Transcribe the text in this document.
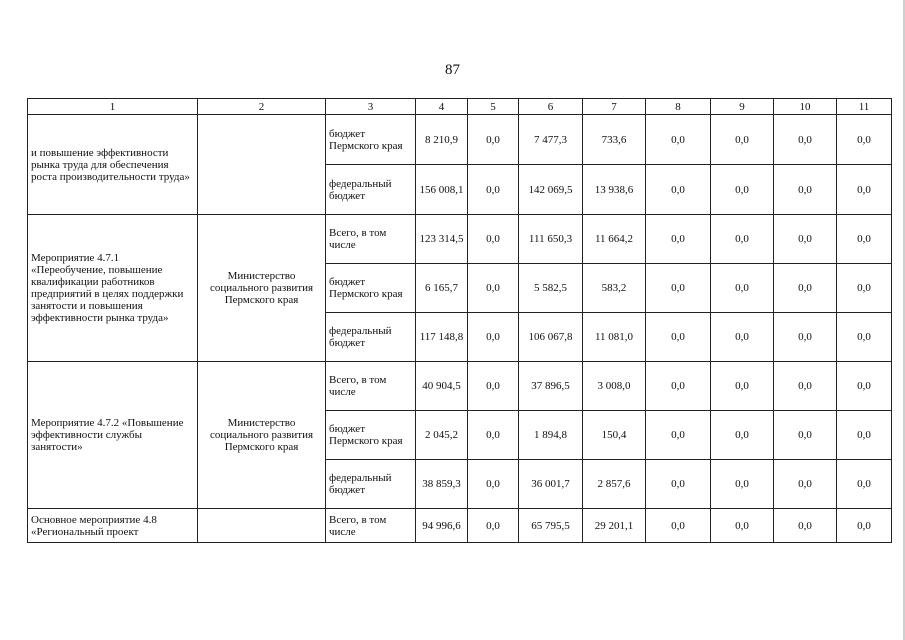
87
1	2	3	4	5	6	7	8	9	10	11
и повышение эффективности рынка труда для обеспечения роста производительности труда»		бюджет Пермского края	8 210,9	0,0	7 477,3	733,6	0,0	0,0	0,0	0,0
		федеральный бюджет	156 008,1	0,0	142 069,5	13 938,6	0,0	0,0	0,0	0,0
Мероприятие 4.7.1 «Переобучение, повышение квалификации работников предприятий в целях поддержки занятости и повышения эффективности рынка труда»	Министерство социального развития Пермского края	Всего, в том числе	123 314,5	0,0	111 650,3	11 664,2	0,0	0,0	0,0	0,0
		бюджет Пермского края	6 165,7	0,0	5 582,5	583,2	0,0	0,0	0,0	0,0
		федеральный бюджет	117 148,8	0,0	106 067,8	11 081,0	0,0	0,0	0,0	0,0
Мероприятие 4.7.2 «Повышение эффективности службы занятости»	Министерство социального развития Пермского края	Всего, в том числе	40 904,5	0,0	37 896,5	3 008,0	0,0	0,0	0,0	0,0
		бюджет Пермского края	2 045,2	0,0	1 894,8	150,4	0,0	0,0	0,0	0,0
		федеральный бюджет	38 859,3	0,0	36 001,7	2 857,6	0,0	0,0	0,0	0,0
Основное мероприятие 4.8 «Региональный проект		Всего, в том числе	94 996,6	0,0	65 795,5	29 201,1	0,0	0,0	0,0	0,0
